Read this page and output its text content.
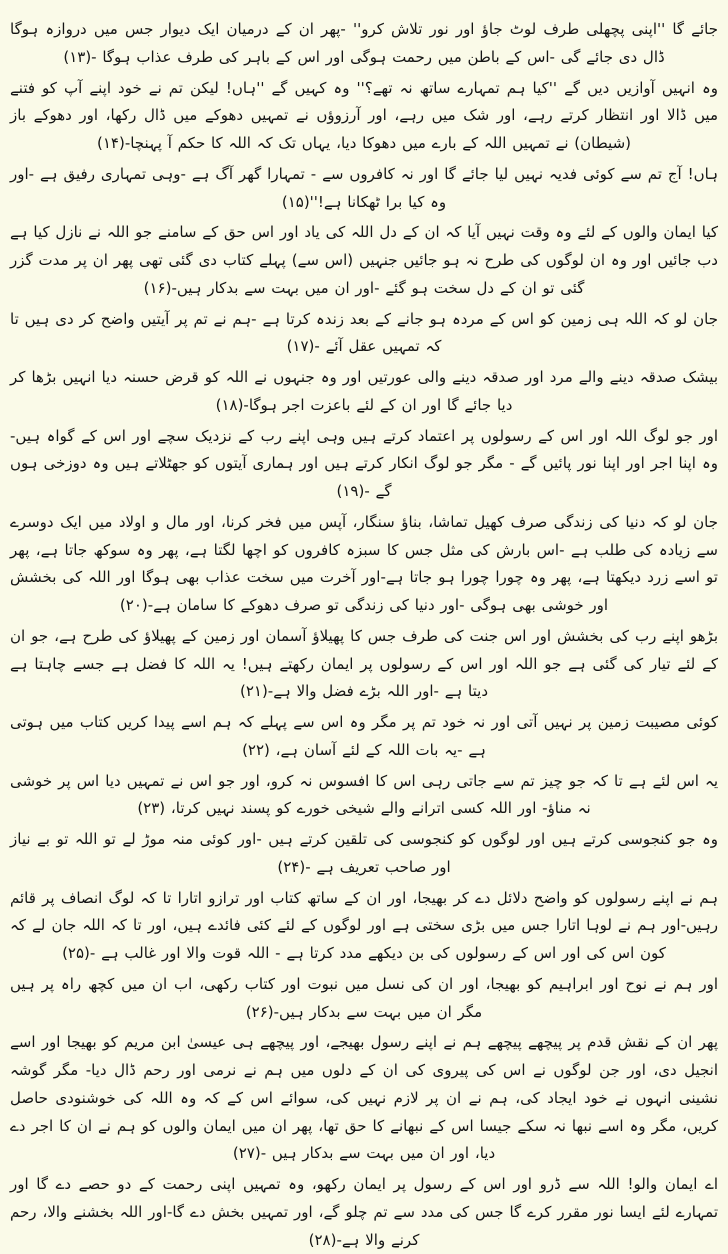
جائے گا ''اپنی پچھلی طرف لوٹ جاؤ اور نور تلاش کرو'' -پھر ان کے درمیان ایک دیوار جس میں دروازہ ہوگا ڈال دی جائے گی -اس کے باطن میں رحمت ہوگی اور اس کے باہر کی طرف عذاب ہوگا -(۱۳)

وہ انہیں آوازیں دیں گے ''کیا ہم تمہارے ساتھ نہ تھے؟'' وہ کہیں گے ''ہاں! لیکن تم نے خود اپنے آپ کو فتنے میں ڈالا اور انتظار کرتے رہے، اور شک میں رہے، اور آرزوؤں نے تمہیں دھوکے میں ڈال رکھا، اور دھوکے باز (شیطان) نے تمہیں اللہ کے بارے میں دھوکا دیا، یہاں تک کہ اللہ کا حکم آ پہنچا-(۱۴)

ہاں! آج تم سے کوئی فدیہ نہیں لیا جائے گا اور نہ کافروں سے - تمہارا گھر آگ ہے -وہی تمہاری رفیق ہے -اور وہ کیا برا ٹھکانا ہے!''(۱۵)

کیا ایمان والوں کے لئے وہ وقت نہیں آیا کہ ان کے دل اللہ کی یاد اور اس حق کے سامنے جو اللہ نے نازل کیا ہے دب جائیں اور وہ ان لوگوں کی طرح نہ ہو جائیں جنہیں (اس سے) پہلے کتاب دی گئی تھی پھر ان پر مدت گزر گئی تو ان کے دل سخت ہو گئے -اور ان میں بہت سے بدکار ہیں-(۱۶)

جان لو کہ اللہ ہی زمین کو اس کے مردہ ہو جانے کے بعد زندہ کرتا ہے -ہم نے تم پر آیتیں واضح کر دی ہیں تا کہ تمہیں عقل آئے -(۱۷)

بیشک صدقہ دینے والے مرد اور صدقہ دینے والی عورتیں اور وہ جنہوں نے اللہ کو قرض حسنہ دیا انہیں بڑھا کر دیا جائے گا اور ان کے لئے باعزت اجر ہوگا-(۱۸)

اور جو لوگ اللہ اور اس کے رسولوں پر اعتماد کرتے ہیں وہی اپنے رب کے نزدیک سچے اور اس کے گواہ ہیں-وہ اپنا اجر اور اپنا نور پائیں گے - مگر جو لوگ انکار کرتے ہیں اور ہماری آیتوں کو جھٹلاتے ہیں وہ دوزخی ہوں گے -(۱۹)

جان لو کہ دنیا کی زندگی صرف کھیل تماشا، بناؤ سنگار، آپس میں فخر کرنا، اور مال و اولاد میں ایک دوسرے سے زیادہ کی طلب ہے -اس بارش کی مثل جس کا سبزہ کافروں کو اچھا لگتا ہے، پھر وہ سوکھ جاتا ہے، پھر تو اسے زرد دیکھتا ہے، پھر وہ چورا چورا ہو جاتا ہے-اور آخرت میں سخت عذاب بھی ہوگا اور اللہ کی بخشش اور خوشی بھی ہوگی -اور دنیا کی زندگی تو صرف دھوکے کا سامان ہے-(۲۰)

بڑھو اپنے رب کی بخشش اور اس جنت کی طرف جس کا پھیلاؤ آسمان اور زمین کے پھیلاؤ کی طرح ہے، جو ان کے لئے تیار کی گئی ہے جو اللہ اور اس کے رسولوں پر ایمان رکھتے ہیں! یہ اللہ کا فضل ہے جسے چاہتا ہے دیتا ہے -اور اللہ بڑے فضل والا ہے-(۲۱)

کوئی مصیبت زمین پر نہیں آتی اور نہ خود تم پر مگر وہ اس سے پہلے کہ ہم اسے پیدا کریں کتاب میں ہوتی ہے -یہ بات اللہ کے لئے آسان ہے، (۲۲)

یہ اس لئے ہے تا کہ جو چیز تم سے جاتی رہی اس کا افسوس نہ کرو، اور جو اس نے تمہیں دیا اس پر خوشی نہ مناؤ- اور اللہ کسی اترانے والے شیخی خورے کو پسند نہیں کرتا، (۲۳)

وہ جو کنجوسی کرتے ہیں اور لوگوں کو کنجوسی کی تلقین کرتے ہیں -اور کوئی منہ موڑ لے تو اللہ تو بے نیاز اور صاحب تعریف ہے -(۲۴)

ہم نے اپنے رسولوں کو واضح دلائل دے کر بھیجا، اور ان کے ساتھ کتاب اور ترازو اتارا تا کہ لوگ انصاف پر قائم رہیں-اور ہم نے لوہا اتارا جس میں بڑی سختی ہے اور لوگوں کے لئے کئی فائدے ہیں، اور تا کہ اللہ جان لے کہ کون اس کی اور اس کے رسولوں کی بن دیکھے مدد کرتا ہے - اللہ قوت والا اور غالب ہے -(۲۵)

اور ہم نے نوح اور ابراہیم کو بھیجا، اور ان کی نسل میں نبوت اور کتاب رکھی، اب ان میں کچھ راہ پر ہیں مگر ان میں بہت سے بدکار ہیں-(۲۶)

پھر ان کے نقش قدم پر پیچھے پیچھے ہم نے اپنے رسول بھیجے، اور پیچھے ہی عیسیٰ ابن مریم کو بھیجا اور اسے انجیل دی، اور جن لوگوں نے اس کی پیروی کی ان کے دلوں میں ہم نے نرمی اور رحم ڈال دیا- مگر گوشہ نشینی انہوں نے خود ایجاد کی، ہم نے ان پر لازم نہیں کی، سوائے اس کے کہ وہ اللہ کی خوشنودی حاصل کریں، مگر وہ اسے نبھا نہ سکے جیسا اس کے نبھانے کا حق تھا، پھر ان میں ایمان والوں کو ہم نے ان کا اجر دے دیا، اور ان میں بہت سے بدکار ہیں -(۲۷)

اے ایمان والو! اللہ سے ڈرو اور اس کے رسول پر ایمان رکھو، وہ تمہیں اپنی رحمت کے دو حصے دے گا اور تمہارے لئے ایسا نور مقرر کرے گا جس کی مدد سے تم چلو گے، اور تمہیں بخش دے گا-اور اللہ بخشنے والا، رحم کرنے والا ہے-(۲۸)
